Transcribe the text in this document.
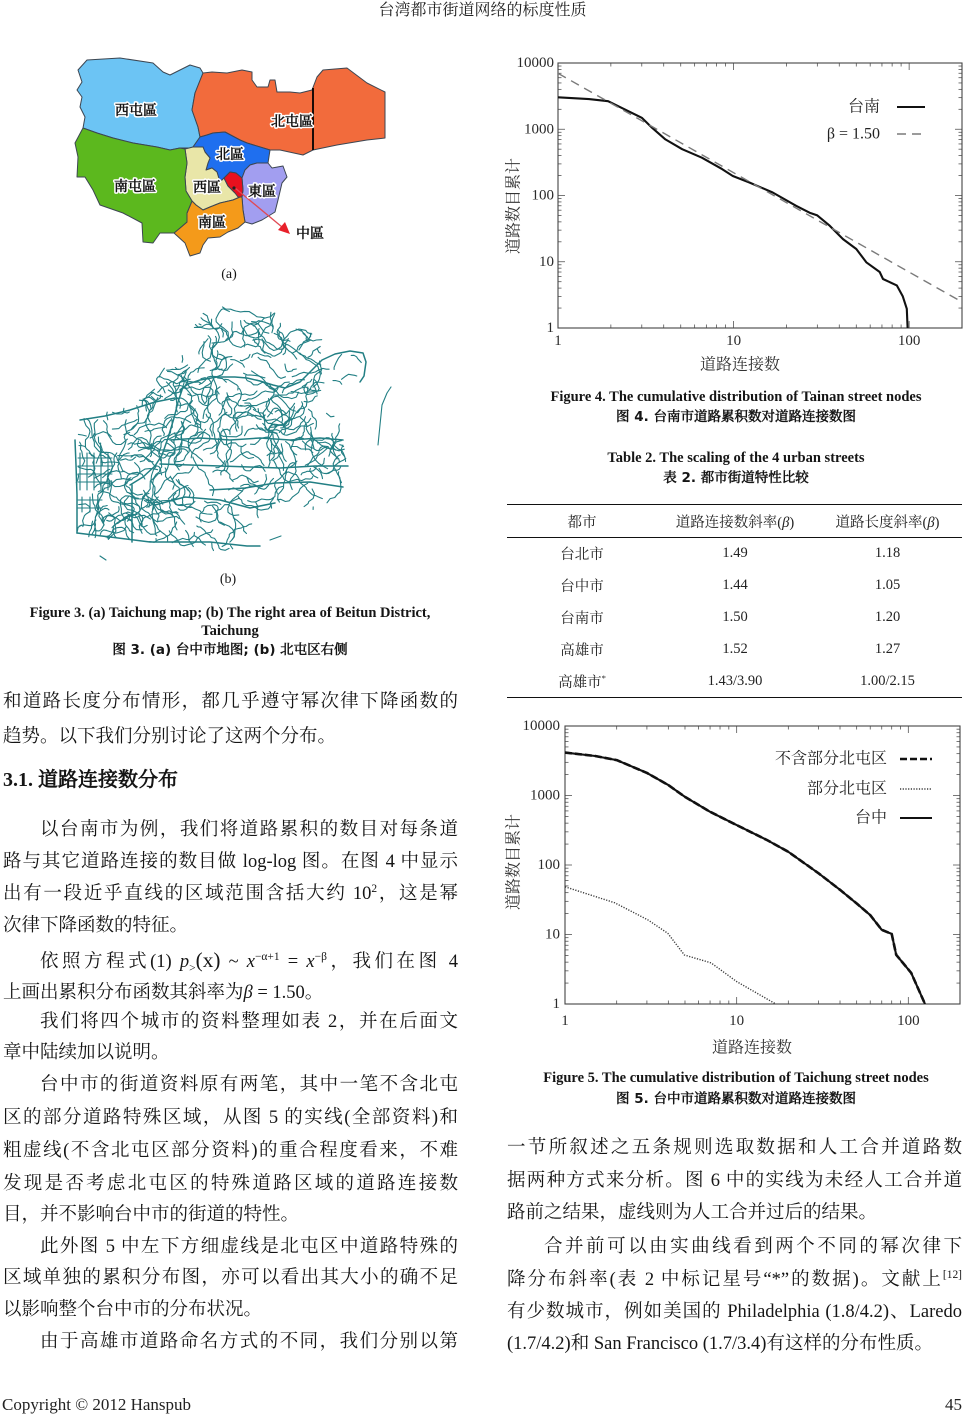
台湾都市街道网络的标度性质
西屯區
北屯區
北區
西區 東區
南區
南屯區
中區
(a)
(b)
Figure 3. (a) Taichung map; (b) The right area of Beitun District,
Taichung
图 3. (a) 台中市地图; (b) 北屯区右侧
和道路长度分布情形，都几乎遵守幂次律下降函数的
趋势。以下我们分别讨论了这两个分布。
3.1. 道路连接数分布
以台南市为例，我们将道路累积的数目对每条道
路与其它道路连接的数目做 log-log 图。在图 4 中显示
出有一段近乎直线的区域范围含括大约 $10^2$，这是幂
次律下降函数的特征。
依照方程式(1) $p_>(x)$ ~ $x^{-\alpha+1} = x^{-\beta}$，我们在图 4
上画出累积分布函数其斜率为β = 1.50。
我们将四个城市的资料整理如表 2，并在后面文
章中陆续加以说明。
台中市的街道资料原有两笔，其中一笔不含北屯
区的部分道路特殊区域，从图 5 的实线(全部资料)和
粗虚线(不含北屯区部分资料)的重合程度看来，不难
发现是否考虑北屯区的特殊道路区域的道路连接数
目，并不影响台中市的街道的特性。
此外图 5 中左下方细虚线是北屯区中道路特殊的
区域单独的累积分布图，亦可以看出其大小的确不足
以影响整个台中市的分布状况。
由于高雄市道路命名方式的不同，我们分别以第
1	10	100
1
10
100
1000
10000
道路连接数
道路数目累计
台南
β = 1.50
Figure 4. The cumulative distribution of Tainan street nodes
图 4. 台南市道路累积数对道路连接数图
Table 2. The scaling of the 4 urban streets
表 2. 都市街道特性比较
都市	道路连接数斜率(β)	道路长度斜率(β)
台北市	1.49	1.18
台中市	1.44	1.05
台南市	1.50	1.20
高雄市	1.52	1.27
高雄市*	1.43/3.90	1.00/2.15
1	10	100
1
10
100
1000
10000
道路连接数
道路数目累计
不含部分北屯区
部分北屯区
台中
Figure 5. The cumulative distribution of Taichung street nodes
图 5. 台中市道路累积数对道路连接数图
一节所叙述之五条规则选取数据和人工合并道路数
据两种方式来分析。图 6 中的实线为未经人工合并道
路前之结果，虚线则为人工合并过后的结果。
合并前可以由实曲线看到两个不同的幂次律下
降分布斜率(表 2 中标记星号“*”的数据)。文献上[12]
有少数城市，例如美国的 Philadelphia (1.8/4.2)、Laredo
(1.7/4.2)和 San Francisco (1.7/3.4)有这样的分布性质。
Copyright © 2012 Hanspub	45
